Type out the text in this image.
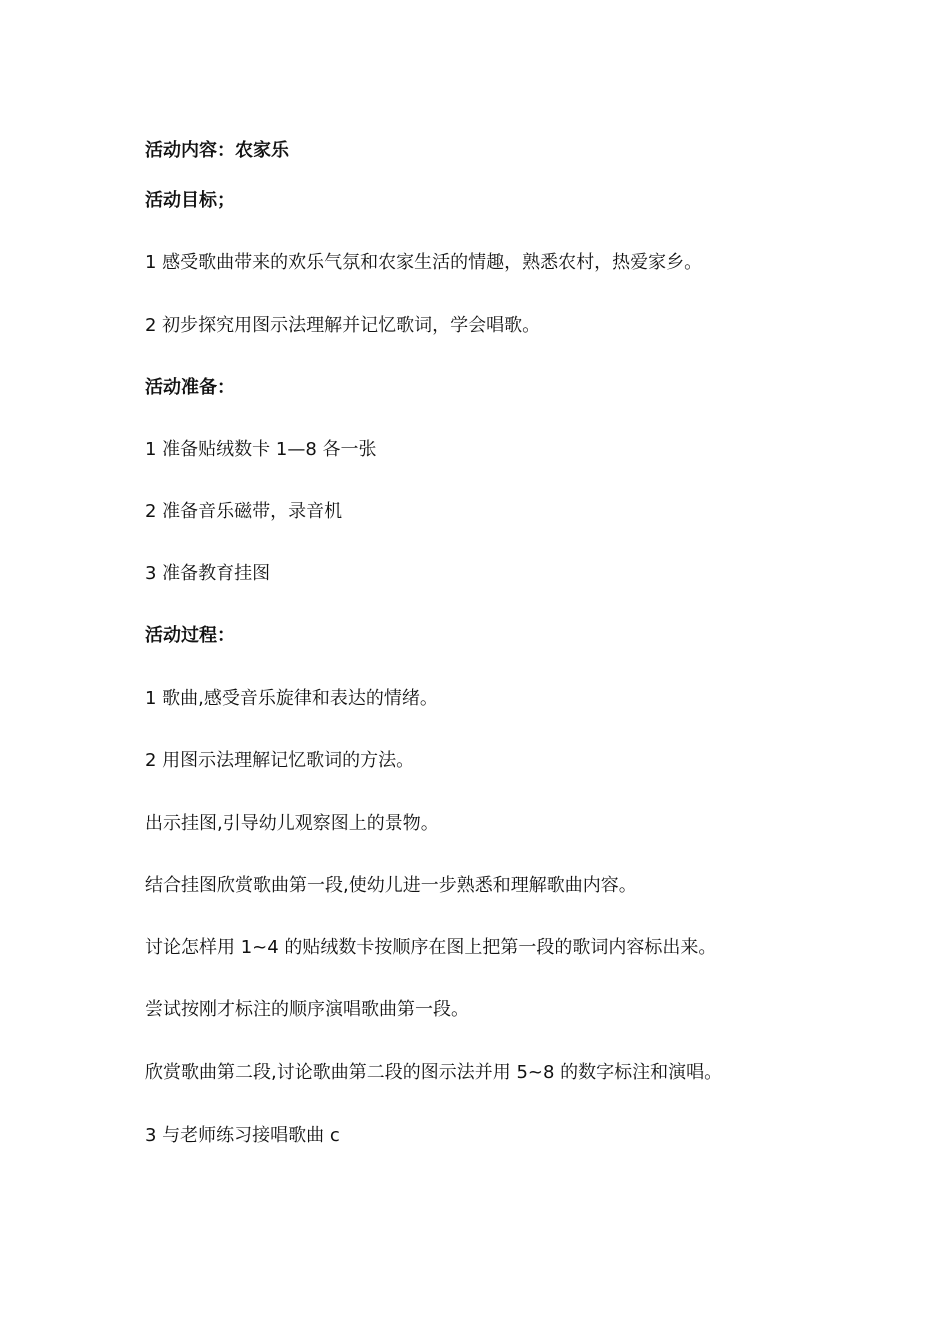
活动内容：农家乐
活动目标；
1 感受歌曲带来的欢乐气氛和农家生活的情趣，熟悉农村，热爱家乡。
2 初步探究用图示法理解并记忆歌词，学会唱歌。
活动准备：
1 准备贴绒数卡 1—8 各一张
2 准备音乐磁带，录音机
3 准备教育挂图
活动过程：
1 歌曲,感受音乐旋律和表达的情绪。
2 用图示法理解记忆歌词的方法。
出示挂图,引导幼儿观察图上的景物。
结合挂图欣赏歌曲第一段,使幼儿进一步熟悉和理解歌曲内容。
讨论怎样用 1~4 的贴绒数卡按顺序在图上把第一段的歌词内容标出来。
尝试按刚才标注的顺序演唱歌曲第一段。
欣赏歌曲第二段,讨论歌曲第二段的图示法并用 5~8 的数字标注和演唱。
3 与老师练习接唱歌曲 c
